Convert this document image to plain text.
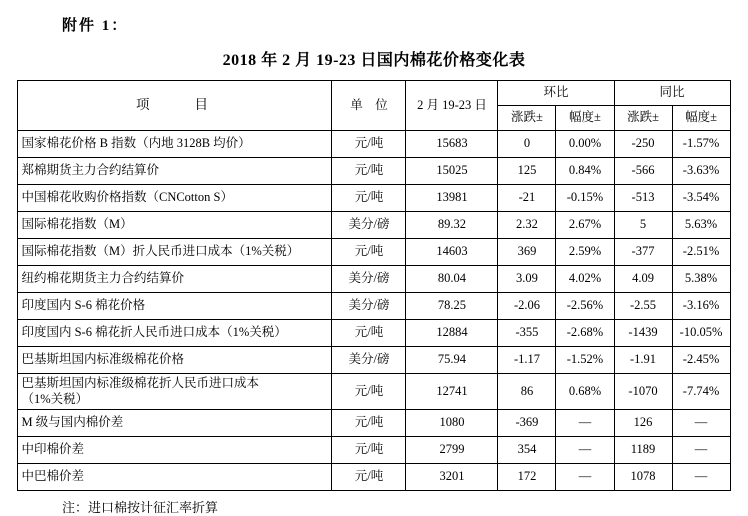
附件 1：
2018 年 2 月 19-23 日国内棉花价格变化表
项　　目	单　位	2 月 19-23 日	环比		同比	
			涨跌±	幅度±	涨跌±	幅度±
国家棉花价格 B 指数（内地 3128B 均价）	元/吨	15683	0	0.00%	-250	-1.57%
郑棉期货主力合约结算价	元/吨	15025	125	0.84%	-566	-3.63%
中国棉花收购价格指数（CNCotton S）	元/吨	13981	-21	-0.15%	-513	-3.54%
国际棉花指数（M）	美分/磅	89.32	2.32	2.67%	5	5.63%
国际棉花指数（M）折人民币进口成本（1%关税）	元/吨	14603	369	2.59%	-377	-2.51%
纽约棉花期货主力合约结算价	美分/磅	80.04	3.09	4.02%	4.09	5.38%
印度国内 S-6 棉花价格	美分/磅	78.25	-2.06	-2.56%	-2.55	-3.16%
印度国内 S-6 棉花折人民币进口成本（1%关税）	元/吨	12884	-355	-2.68%	-1439	-10.05%
巴基斯坦国内标准级棉花价格	美分/磅	75.94	-1.17	-1.52%	-1.91	-2.45%
巴基斯坦国内标准级棉花折人民币进口成本
（1%关税）	元/吨	12741	86	0.68%	-1070	-7.74%
M 级与国内棉价差	元/吨	1080	-369	—	126	—
中印棉价差	元/吨	2799	354	—	1189	—
中巴棉价差	元/吨	3201	172	—	1078	—
注：进口棉按计征汇率折算
